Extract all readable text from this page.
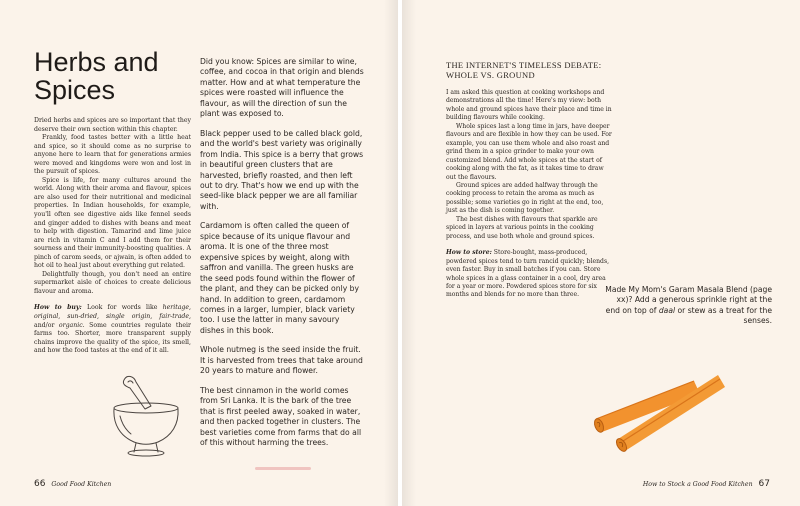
Herbs and Spices

Dried herbs and spices are so important that they deserve their own section within this chapter.

Frankly, food tastes better with a little heat and spice, so it should come as no surprise to anyone here to learn that for generations armies were moved and kingdoms were won and lost in the pursuit of spices.

Spice is life, for many cultures around the world. Along with their aroma and flavour, spices are also used for their nutritional and medicinal properties. In Indian households, for example, you'll often see digestive aids like fennel seeds and ginger added to dishes with beans and meat to help with digestion. Tamarind and lime juice are rich in vitamin C and I add them for their sourness and their immunity-boosting qualities. A pinch of carom seeds, or ajwain, is often added to hot oil to heal just about everything gut related.

Delightfully though, you don't need an entire supermarket aisle of choices to create delicious flavour and aroma.

How to buy: Look for words like heritage, original, sun-dried, single origin, fair-trade, and/or organic. Some countries regulate their farms too. Shorter, more transparent supply chains improve the quality of the spice, its smell, and how the food tastes at the end of it all.

Did you know: Spices are similar to wine, coffee, and cocoa in that origin and blends matter. How and at what temperature the spices were roasted will influence the flavour, as will the direction of sun the plant was exposed to.

Black pepper used to be called black gold, and the world's best variety was originally from India. This spice is a berry that grows in beautiful green clusters that are harvested, briefly roasted, and then left out to dry. That's how we end up with the seed-like black pepper we are all familiar with.

Cardamom is often called the queen of spice because of its unique flavour and aroma. It is one of the three most expensive spices by weight, along with saffron and vanilla. The green husks are the seed pods found within the flower of the plant, and they can be picked only by hand. In addition to green, cardamom comes in a larger, lumpier, black variety too. I use the latter in many savoury dishes in this book.

Whole nutmeg is the seed inside the fruit. It is harvested from trees that take around 20 years to mature and flower.

The best cinnamon in the world comes from Sri Lanka. It is the bark of the tree that is first peeled away, soaked in water, and then packed together in clusters. The best varieties come from farms that do all of this without harming the trees.

66 Good Food Kitchen
THE INTERNET'S TIMELESS DEBATE: WHOLE VS. GROUND

I am asked this question at cooking workshops and demonstrations all the time! Here's my view: both whole and ground spices have their place and time in building flavours while cooking.

Whole spices last a long time in jars, have deeper flavours and are flexible in how they can be used. For example, you can use them whole and also roast and grind them in a spice grinder to make your own customized blend. Add whole spices at the start of cooking along with the fat, as it takes time to draw out the flavours.

Ground spices are added halfway through the cooking process to retain the aroma as much as possible; some varieties go in right at the end, too, just as the dish is coming together.

The best dishes with flavours that sparkle are spiced in layers at various points in the cooking process, and use both whole and ground spices.

How to store: Store-bought, mass-produced, powdered spices tend to turn rancid quickly; blends, even faster. Buy in small batches if you can. Store whole spices in a glass container in a cool, dry area for a year or more. Powdered spices store for six months and blends for no more than three.

Made My Mom's Garam Masala Blend (page xx)? Add a generous sprinkle right at the end on top of daal or stew as a treat for the senses.
How to Stock a Good Food Kitchen 67
